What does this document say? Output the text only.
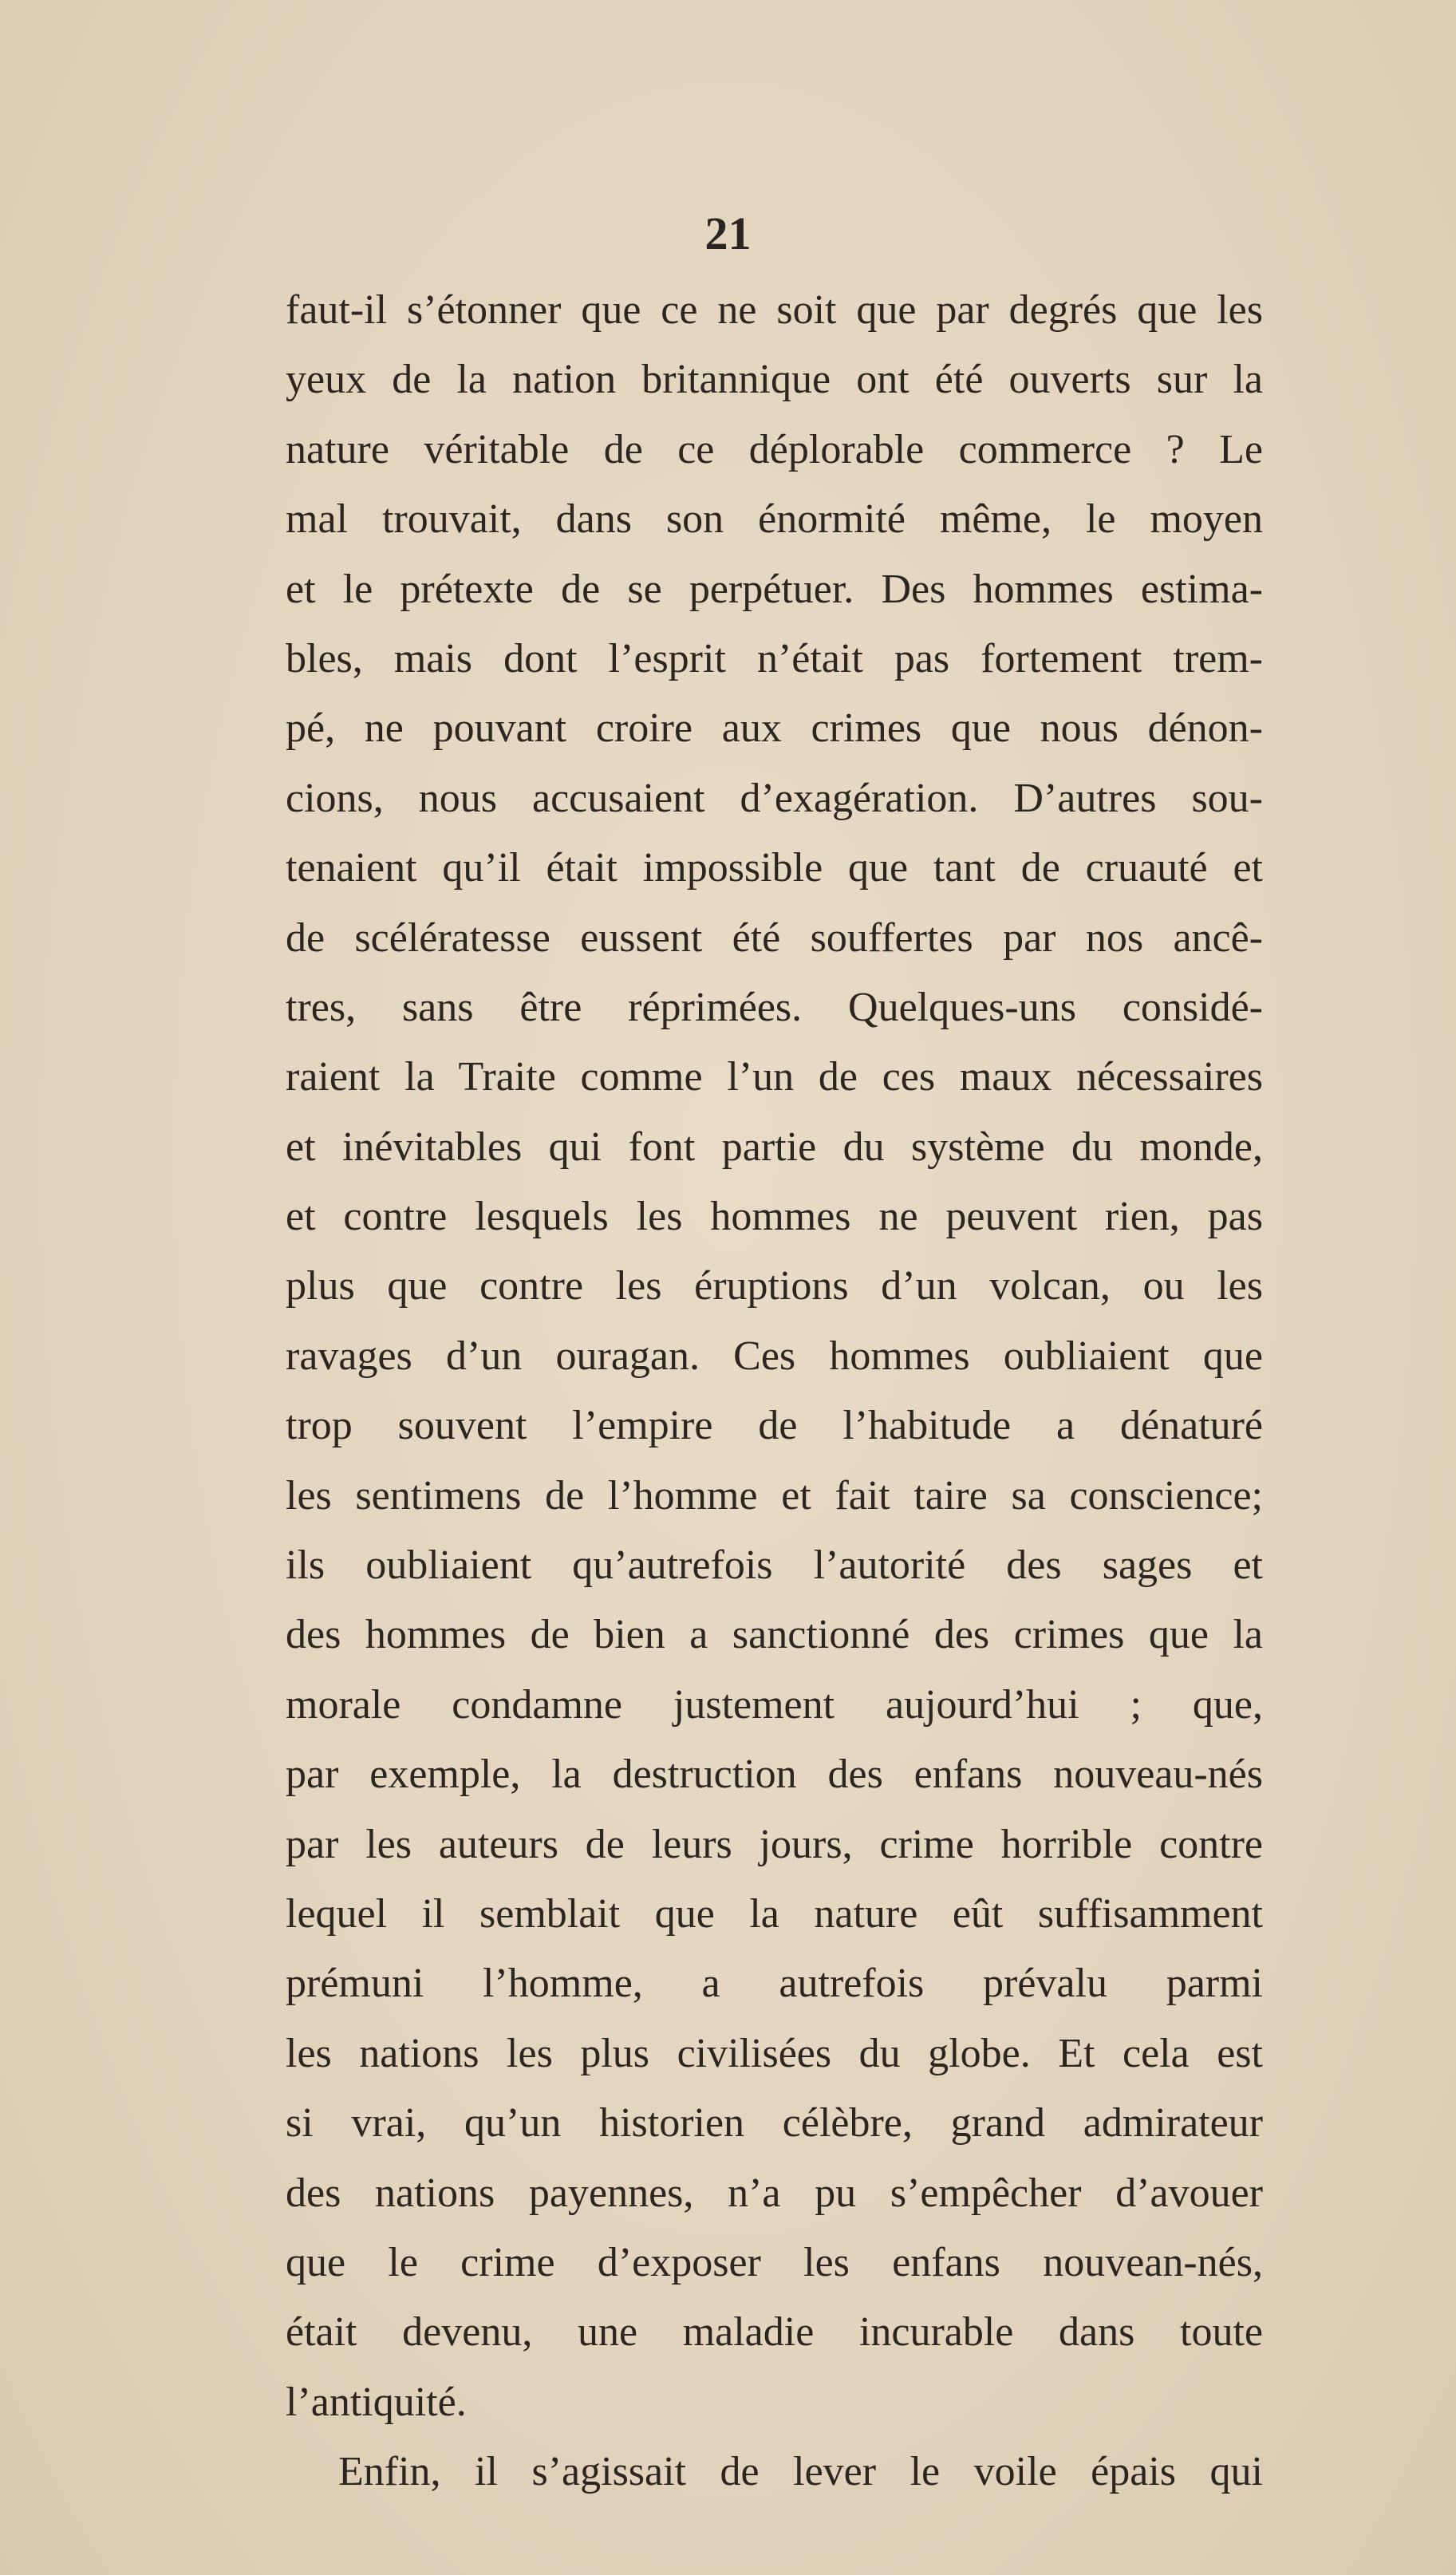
21
faut-il s’étonner que ce ne soit que par degrés que les
yeux de la nation britannique ont été ouverts sur la
nature véritable de ce déplorable commerce ? Le
mal trouvait, dans son énormité même, le moyen
et le prétexte de se perpétuer. Des hommes estima-
bles, mais dont l’esprit n’était pas fortement trem-
pé, ne pouvant croire aux crimes que nous dénon-
cions, nous accusaient d’exagération. D’autres sou-
tenaient qu’il était impossible que tant de cruauté et
de scélératesse eussent été souffertes par nos ancê-
tres, sans être réprimées. Quelques-uns considé-
raient la Traite comme l’un de ces maux nécessaires
et inévitables qui font partie du système du monde,
et contre lesquels les hommes ne peuvent rien, pas
plus que contre les éruptions d’un volcan, ou les
ravages d’un ouragan. Ces hommes oubliaient que
trop souvent l’empire de l’habitude a dénaturé
les sentimens de l’homme et fait taire sa conscience;
ils oubliaient qu’autrefois l’autorité des sages et
des hommes de bien a sanctionné des crimes que la
morale condamne justement aujourd’hui ; que,
par exemple, la destruction des enfans nouveau-nés
par les auteurs de leurs jours, crime horrible contre
lequel il semblait que la nature eût suffisamment
prémuni l’homme, a autrefois prévalu parmi
les nations les plus civilisées du globe. Et cela est
si vrai, qu’un historien célèbre, grand admirateur
des nations payennes, n’a pu s’empêcher d’avouer
que le crime d’exposer les enfans nouvean-nés,
était devenu, une maladie incurable dans toute
l’antiquité.
Enfin, il s’agissait de lever le voile épais qui
